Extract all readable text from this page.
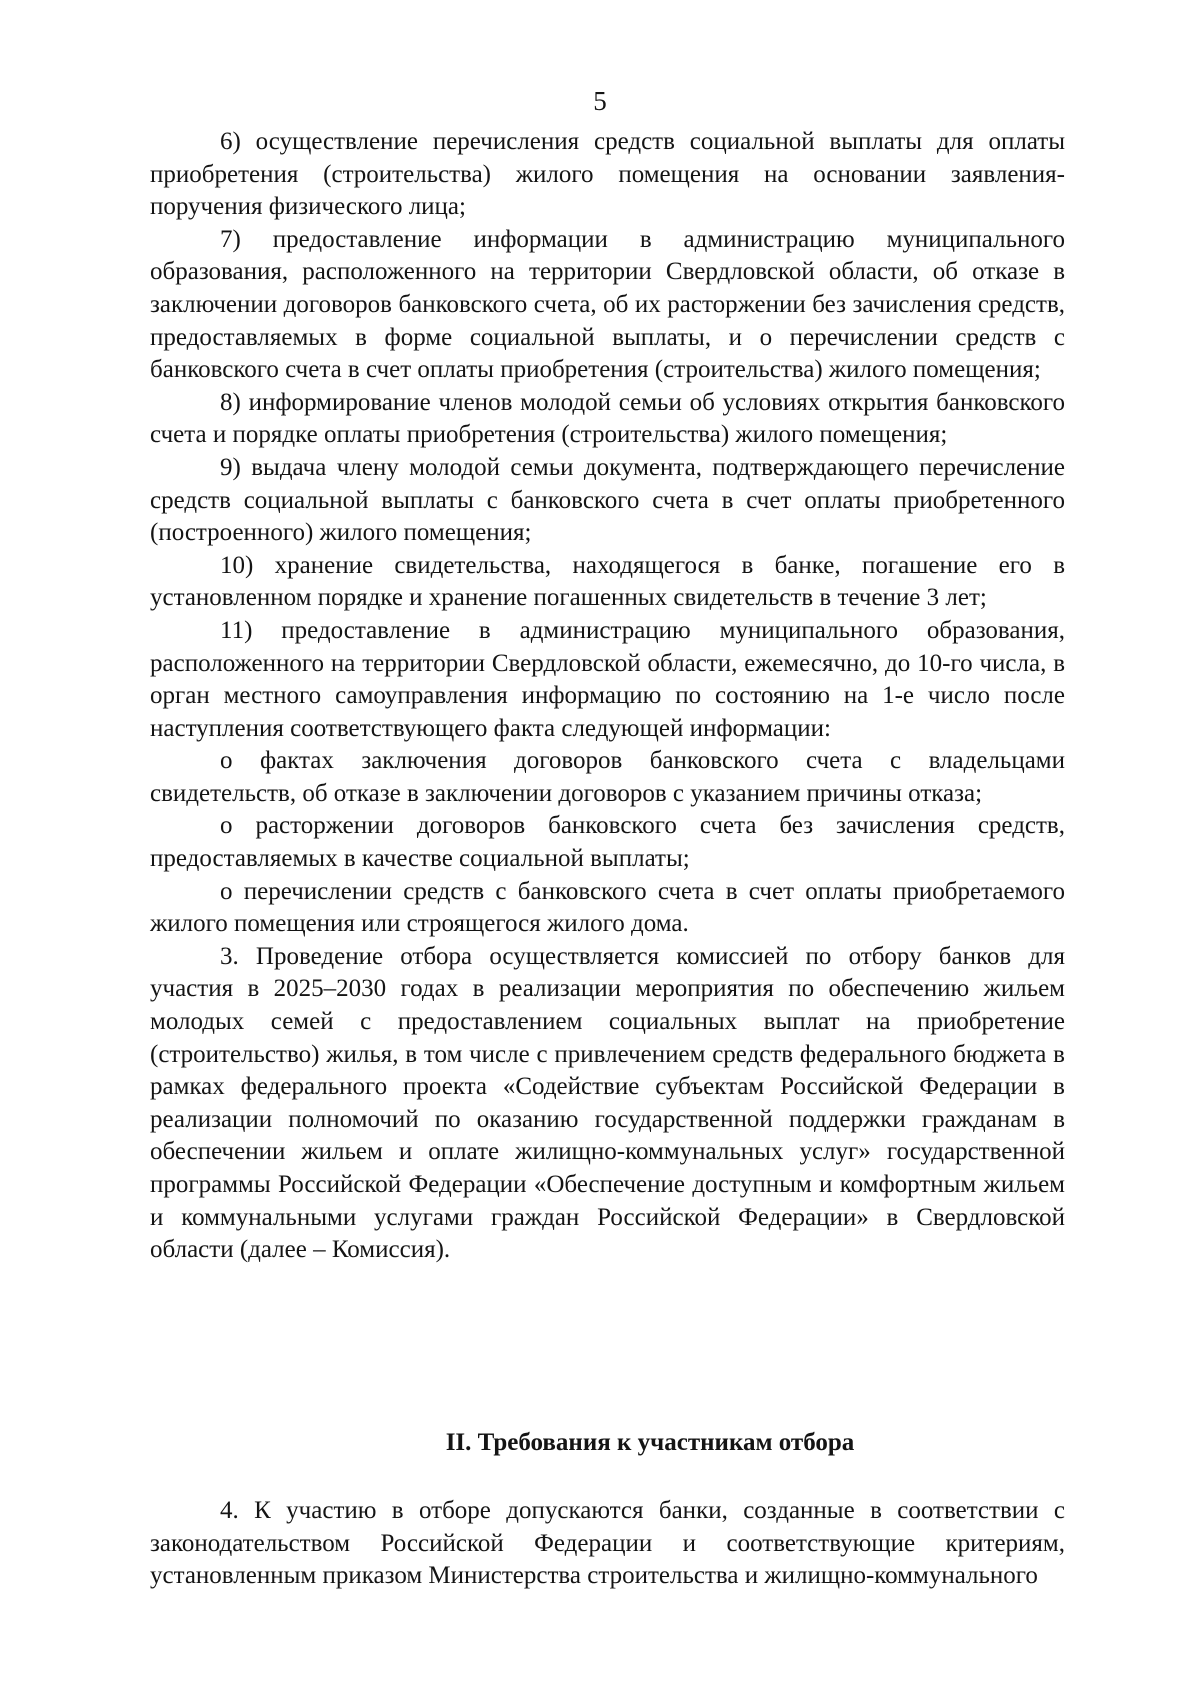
5

6) осуществление перечисления средств социальной выплаты для оплаты приобретения (строительства) жилого помещения на основании заявления-поручения физического лица;

7) предоставление информации в администрацию муниципального образования, расположенного на территории Свердловской области, об отказе в заключении договоров банковского счета, об их расторжении без зачисления средств, предоставляемых в форме социальной выплаты, и о перечислении средств с банковского счета в счет оплаты приобретения (строительства) жилого помещения;

8) информирование членов молодой семьи об условиях открытия банковского счета и порядке оплаты приобретения (строительства) жилого помещения;

9) выдача члену молодой семьи документа, подтверждающего перечисление средств социальной выплаты с банковского счета в счет оплаты приобретенного (построенного) жилого помещения;

10) хранение свидетельства, находящегося в банке, погашение его в установленном порядке и хранение погашенных свидетельств в течение 3 лет;

11) предоставление в администрацию муниципального образования, расположенного на территории Свердловской области, ежемесячно, до 10-го числа, в орган местного самоуправления информацию по состоянию на 1-е число после наступления соответствующего факта следующей информации:

о фактах заключения договоров банковского счета с владельцами свидетельств, об отказе в заключении договоров с указанием причины отказа;

о расторжении договоров банковского счета без зачисления средств, предоставляемых в качестве социальной выплаты;

о перечислении средств с банковского счета в счет оплаты приобретаемого жилого помещения или строящегося жилого дома.

3. Проведение отбора осуществляется комиссией по отбору банков для участия в 2025–2030 годах в реализации мероприятия по обеспечению жильем молодых семей с предоставлением социальных выплат на приобретение (строительство) жилья, в том числе с привлечением средств федерального бюджета в рамках федерального проекта «Содействие субъектам Российской Федерации в реализации полномочий по оказанию государственной поддержки гражданам в обеспечении жильем и оплате жилищно-коммунальных услуг» государственной программы Российской Федерации «Обеспечение доступным и комфортным жильем и коммунальными услугами граждан Российской Федерации» в Свердловской области (далее – Комиссия).

II. Требования к участникам отбора

4. К участию в отборе допускаются банки, созданные в соответствии с законодательством Российской Федерации и соответствующие критериям, установленным приказом Министерства строительства и жилищно-коммунального
